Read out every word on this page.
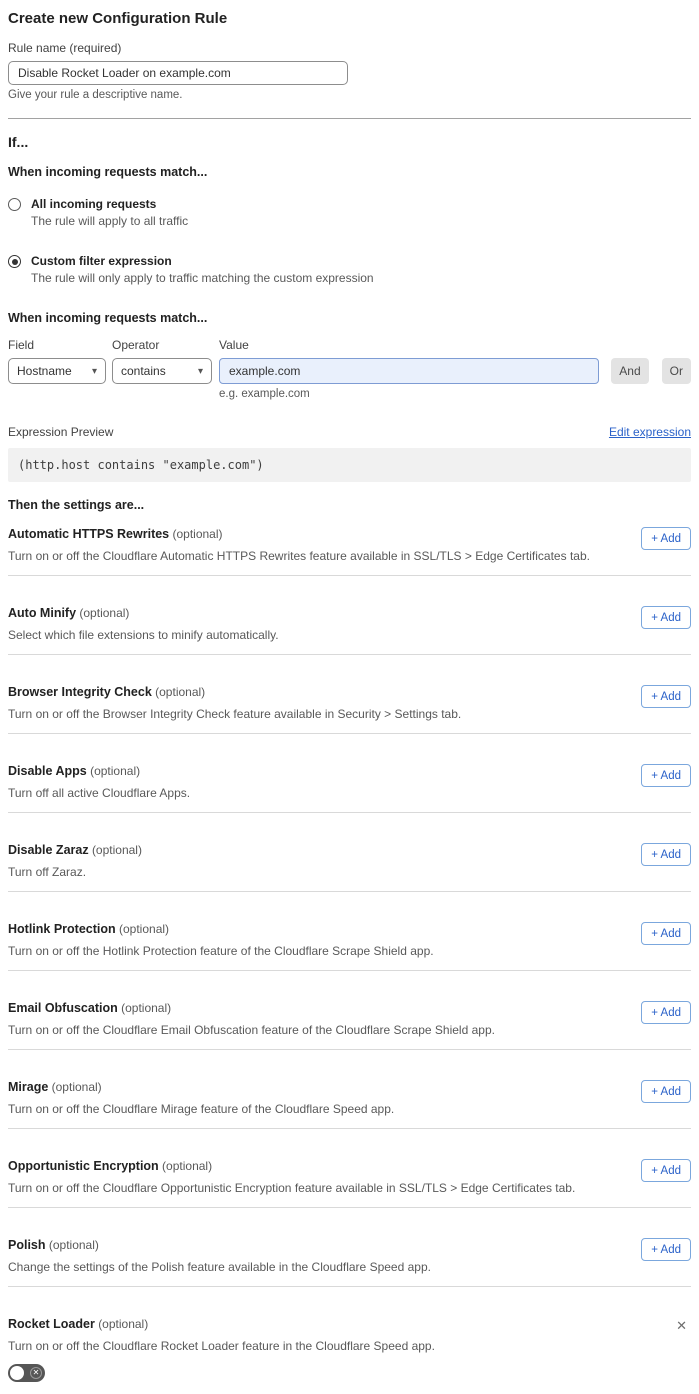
Create new Configuration Rule
Rule name (required)
Disable Rocket Loader on example.com
Give your rule a descriptive name.
If...
When incoming requests match...
All incoming requests
The rule will apply to all traffic
Custom filter expression
The rule will only apply to traffic matching the custom expression
When incoming requests match...
Field
Hostname ▾
Operator
contains	▾
Value
example.com
e.g. example.com
And	Or
Expression Preview	Edit expression
(http.host contains "example.com")
Then the settings are...
Automatic HTTPS Rewrites (optional)
Turn on or off the Cloudflare Automatic HTTPS Rewrites feature available in SSL/TLS > Edge Certificates tab.
+ Add
Auto Minify (optional)
Select which file extensions to minify automatically.
+ Add
Browser Integrity Check (optional)
Turn on or off the Browser Integrity Check feature available in Security > Settings tab.
+ Add
Disable Apps (optional)
Turn off all active Cloudflare Apps.
+ Add
Disable Zaraz (optional)
Turn off Zaraz.
+ Add
Hotlink Protection (optional)
Turn on or off the Hotlink Protection feature of the Cloudflare Scrape Shield app.
+ Add
Email Obfuscation (optional)
Turn on or off the Cloudflare Email Obfuscation feature of the Cloudflare Scrape Shield app.
+ Add
Mirage (optional)
Turn on or off the Cloudflare Mirage feature of the Cloudflare Speed app.
+ Add
Opportunistic Encryption (optional)
Turn on or off the Cloudflare Opportunistic Encryption feature available in SSL/TLS > Edge Certificates tab.
+ Add
Polish (optional)
Change the settings of the Polish feature available in the Cloudflare Speed app.
+ Add
Rocket Loader (optional)
Turn on or off the Cloudflare Rocket Loader feature in the Cloudflare Speed app.
✕
✕
